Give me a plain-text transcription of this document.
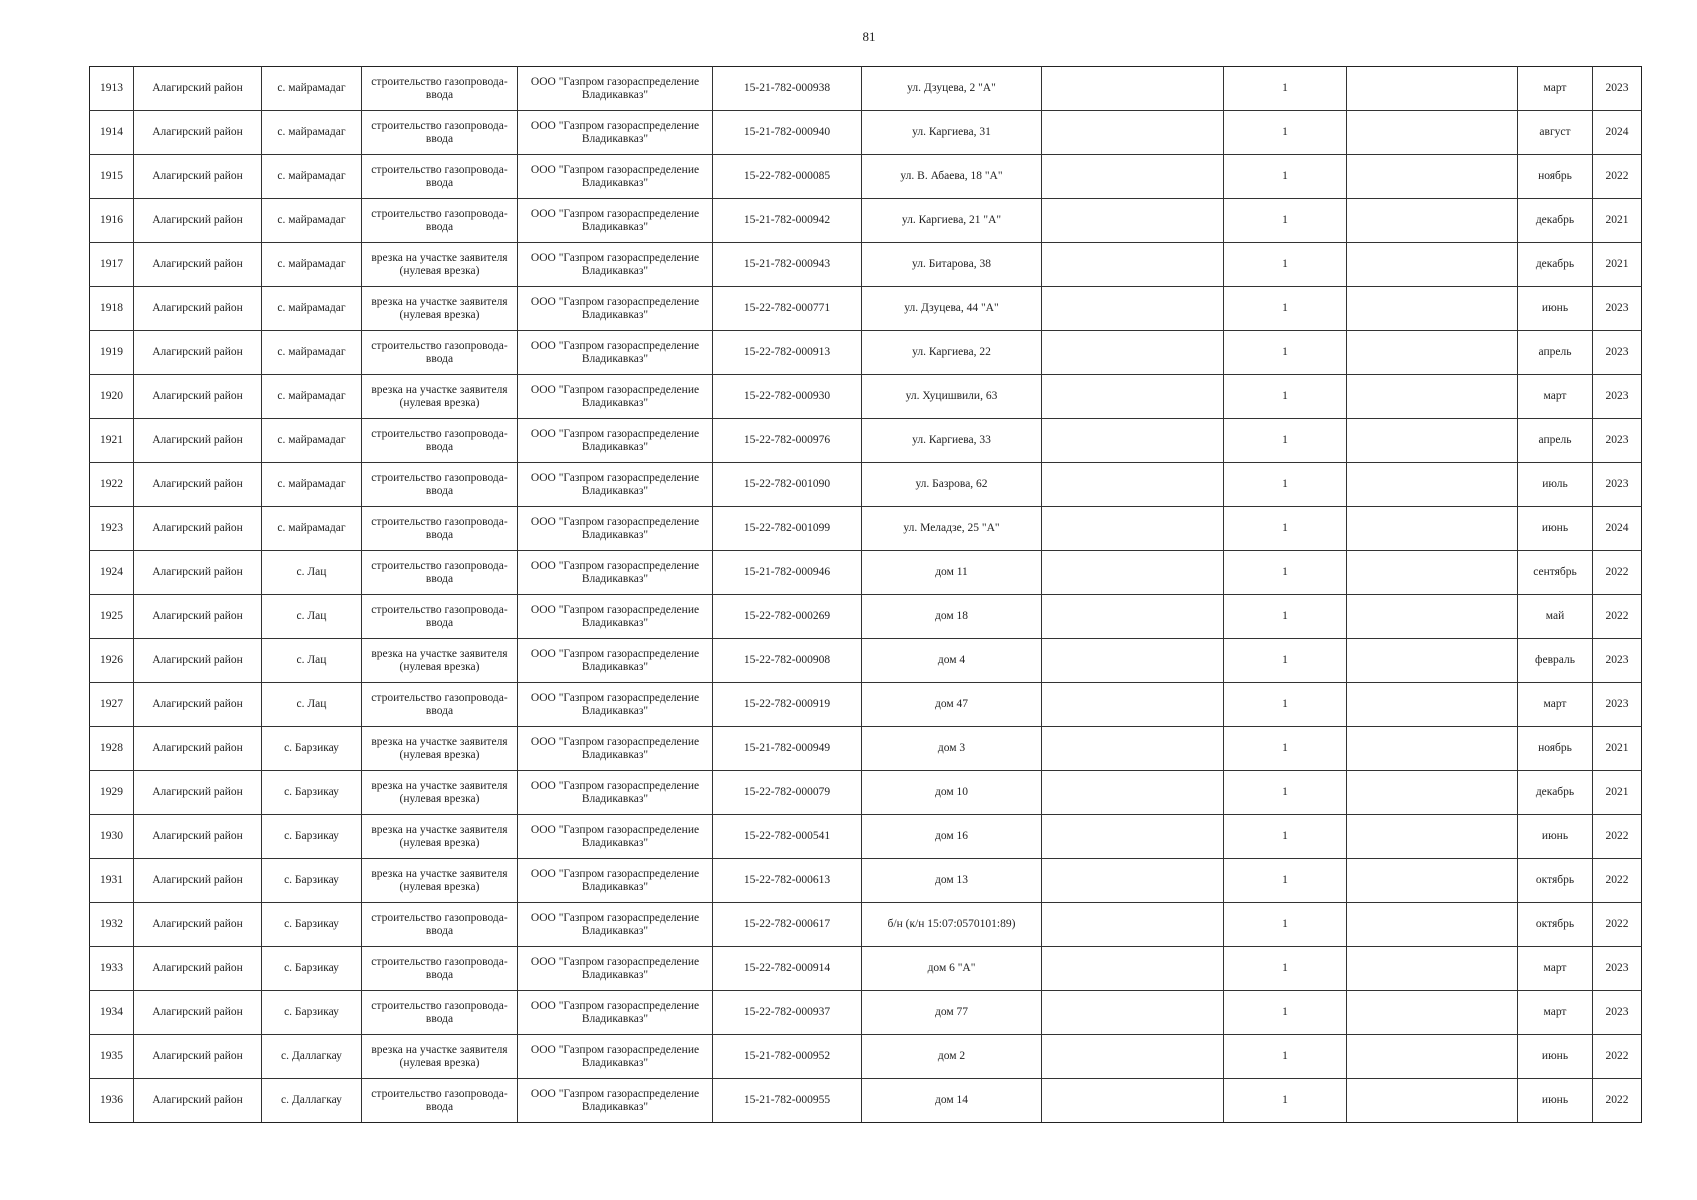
81
1913	Алагирский район	с. майрамадаг	строительство газопровода-ввода	ООО "Газпром газораспределение Владикавказ"	15-21-782-000938	ул. Дзуцева, 2 "А"		1		март	2023
1914	Алагирский район	с. майрамадаг	строительство газопровода-ввода	ООО "Газпром газораспределение Владикавказ"	15-21-782-000940	ул. Каргиева, 31		1		август	2024
1915	Алагирский район	с. майрамадаг	строительство газопровода-ввода	ООО "Газпром газораспределение Владикавказ"	15-22-782-000085	ул. В. Абаева, 18 "А"		1		ноябрь	2022
1916	Алагирский район	с. майрамадаг	строительство газопровода-ввода	ООО "Газпром газораспределение Владикавказ"	15-21-782-000942	ул. Каргиева, 21 "А"		1		декабрь	2021
1917	Алагирский район	с. майрамадаг	врезка на участке заявителя (нулевая врезка)	ООО "Газпром газораспределение Владикавказ"	15-21-782-000943	ул. Битарова, 38		1		декабрь	2021
1918	Алагирский район	с. майрамадаг	врезка на участке заявителя (нулевая врезка)	ООО "Газпром газораспределение Владикавказ"	15-22-782-000771	ул. Дзуцева, 44 "А"		1		июнь	2023
1919	Алагирский район	с. майрамадаг	строительство газопровода-ввода	ООО "Газпром газораспределение Владикавказ"	15-22-782-000913	ул. Каргиева, 22		1		апрель	2023
1920	Алагирский район	с. майрамадаг	врезка на участке заявителя (нулевая врезка)	ООО "Газпром газораспределение Владикавказ"	15-22-782-000930	ул. Хуцишвили, 63		1		март	2023
1921	Алагирский район	с. майрамадаг	строительство газопровода-ввода	ООО "Газпром газораспределение Владикавказ"	15-22-782-000976	ул. Каргиева, 33		1		апрель	2023
1922	Алагирский район	с. майрамадаг	строительство газопровода-ввода	ООО "Газпром газораспределение Владикавказ"	15-22-782-001090	ул. Базрова, 62		1		июль	2023
1923	Алагирский район	с. майрамадаг	строительство газопровода-ввода	ООО "Газпром газораспределение Владикавказ"	15-22-782-001099	ул. Меладзе, 25 "А"		1		июнь	2024
1924	Алагирский район	с. Лац	строительство газопровода-ввода	ООО "Газпром газораспределение Владикавказ"	15-21-782-000946	дом 11		1		сентябрь	2022
1925	Алагирский район	с. Лац	строительство газопровода-ввода	ООО "Газпром газораспределение Владикавказ"	15-22-782-000269	дом 18		1		май	2022
1926	Алагирский район	с. Лац	врезка на участке заявителя (нулевая врезка)	ООО "Газпром газораспределение Владикавказ"	15-22-782-000908	дом 4		1		февраль	2023
1927	Алагирский район	с. Лац	строительство газопровода-ввода	ООО "Газпром газораспределение Владикавказ"	15-22-782-000919	дом 47		1		март	2023
1928	Алагирский район	с. Барзикау	врезка на участке заявителя (нулевая врезка)	ООО "Газпром газораспределение Владикавказ"	15-21-782-000949	дом 3		1		ноябрь	2021
1929	Алагирский район	с. Барзикау	врезка на участке заявителя (нулевая врезка)	ООО "Газпром газораспределение Владикавказ"	15-22-782-000079	дом 10		1		декабрь	2021
1930	Алагирский район	с. Барзикау	врезка на участке заявителя (нулевая врезка)	ООО "Газпром газораспределение Владикавказ"	15-22-782-000541	дом 16		1		июнь	2022
1931	Алагирский район	с. Барзикау	врезка на участке заявителя (нулевая врезка)	ООО "Газпром газораспределение Владикавказ"	15-22-782-000613	дом 13		1		октябрь	2022
1932	Алагирский район	с. Барзикау	строительство газопровода-ввода	ООО "Газпром газораспределение Владикавказ"	15-22-782-000617	б/н (к/н 15:07:0570101:89)		1		октябрь	2022
1933	Алагирский район	с. Барзикау	строительство газопровода-ввода	ООО "Газпром газораспределение Владикавказ"	15-22-782-000914	дом 6 "А"		1		март	2023
1934	Алагирский район	с. Барзикау	строительство газопровода-ввода	ООО "Газпром газораспределение Владикавказ"	15-22-782-000937	дом 77		1		март	2023
1935	Алагирский район	с. Даллагкау	врезка на участке заявителя (нулевая врезка)	ООО "Газпром газораспределение Владикавказ"	15-21-782-000952	дом 2		1		июнь	2022
1936	Алагирский район	с. Даллагкау	строительство газопровода-ввода	ООО "Газпром газораспределение Владикавказ"	15-21-782-000955	дом 14		1		июнь	2022
